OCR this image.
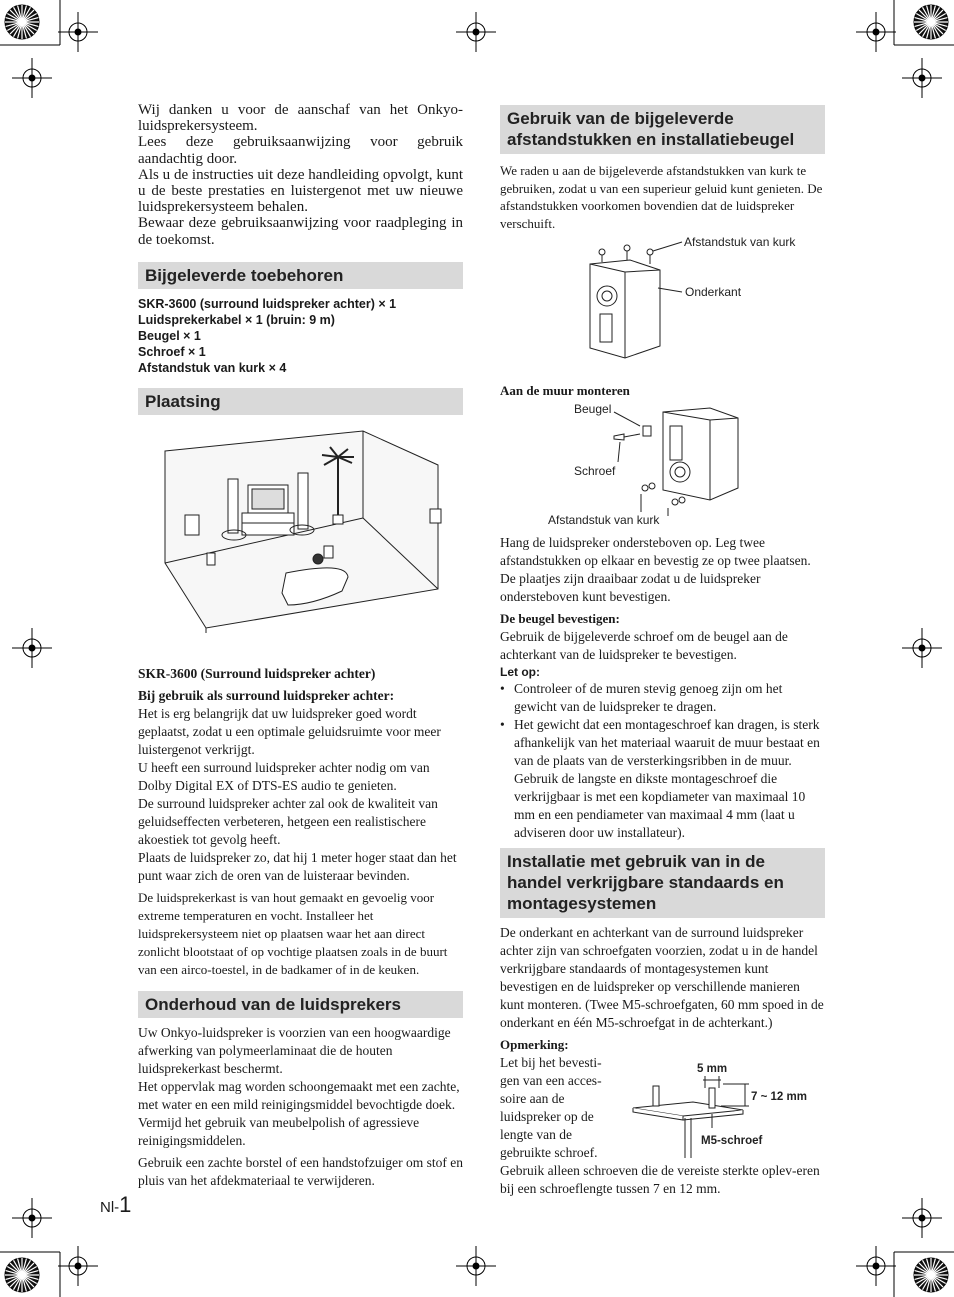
Wij danken u voor de aanschaf van het Onkyo-luidsprekersysteem.

Lees deze gebruiksaanwijzing voor gebruik aandachtig door.

Als u de instructies uit deze handleiding opvolgt, kunt u de beste prestaties en luistergenot met uw nieuwe luidsprekersysteem behalen.

Bewaar deze gebruiksaanwijzing voor raadpleging in de toekomst.

Bijgeleverde toebehoren

SKR-3600 (surround luidspreker achter) × 1

Luidsprekerkabel × 1 (bruin: 9 m)

Beugel × 1

Schroef × 1

Afstandstuk van kurk × 4

Plaatsing

SKR-3600 (Surround luidspreker achter)

Bij gebruik als surround luidspreker achter:

Het is erg belangrijk dat uw luidspreker goed wordt geplaatst, zodat u een optimale geluidsruimte voor meer luistergenot verkrijgt.

U heeft een surround luidspreker achter nodig om van Dolby Digital EX of DTS-ES audio te genieten.

De surround luidspreker achter zal ook de kwaliteit van geluidseffecten verbeteren, hetgeen een realistischere akoestiek tot gevolg heeft.

Plaats de luidspreker zo, dat hij 1 meter hoger staat dan het punt waar zich de oren van de luisteraar bevinden.

De luidsprekerkast is van hout gemaakt en gevoelig voor extreme temperaturen en vocht. Installeer het luidsprekersysteem niet op plaatsen waar het aan direct zonlicht blootstaat of op vochtige plaatsen zoals in de buurt van een airco-toestel, in de badkamer of in de keuken.

Onderhoud van de luidsprekers

Uw Onkyo-luidspreker is voorzien van een hoogwaardige afwerking van polymeerlaminaat die de houten luidsprekerkast beschermt.

Het oppervlak mag worden schoongemaakt met een zachte, met water en een mild reinigingsmiddel bevochtigde doek. Vermijd het gebruik van meubelpolish of agressieve reinigingsmiddelen.

Gebruik een zachte borstel of een handstofzuiger om stof en pluis van het afdekmateriaal te verwijderen.

Gebruik van de bijgeleverde afstandstukken en installatiebeugel

We raden u aan de bijgeleverde afstandstukken van kurk te gebruiken, zodat u van een superieur geluid kunt genieten. De afstandstukken voorkomen bovendien dat de luidspreker verschuift.

Afstandstuk van kurk
Onderkant

Aan de muur monteren

Beugel
Schroef
Afstandstuk van kurk

Hang de luidspreker ondersteboven op. Leg twee afstandstukken op elkaar en bevestig ze op twee plaatsen. De plaatjes zijn draaibaar zodat u de luidspreker ondersteboven kunt bevestigen.

De beugel bevestigen:

Gebruik de bijgeleverde schroef om de beugel aan de achterkant van de luidspreker te bevestigen.

Let op:

• Controleer of de muren stevig genoeg zijn om het gewicht van de luidspreker te dragen.
• Het gewicht dat een montageschroef kan dragen, is sterk afhankelijk van het materiaal waaruit de muur bestaat en van de plaats van de versterkingsribben in de muur. Gebruik de langste en dikste montageschroef die verkrijgbaar is met een kopdiameter van maximaal 10 mm en een pendiameter van maximaal 4 mm (laat u adviseren door uw installateur).
Installatie met gebruik van in de handel verkrijgbare standaards en montagesystemen

De onderkant en achterkant van de surround luidspreker achter zijn van schroefgaten voorzien, zodat u in de handel verkrijgbare standaards of montagesystemen kunt bevestigen en de luidspreker op verschillende manieren kunt monteren. (Twee M5-schroefgaten, 60 mm spoed in de onderkant en één M5-schroefgat in de achterkant.)

Opmerking:

Let bij het bevesti-

gen van een acces-

soire aan de

luidspreker op de

lengte van de

gebruikte schroef.

5 mm
7 ~ 12 mm
M5-schroef

Gebruik alleen schroeven die de vereiste sterkte oplev-eren bij een schroeflengte tussen 7 en 12 mm.

Nl-1
